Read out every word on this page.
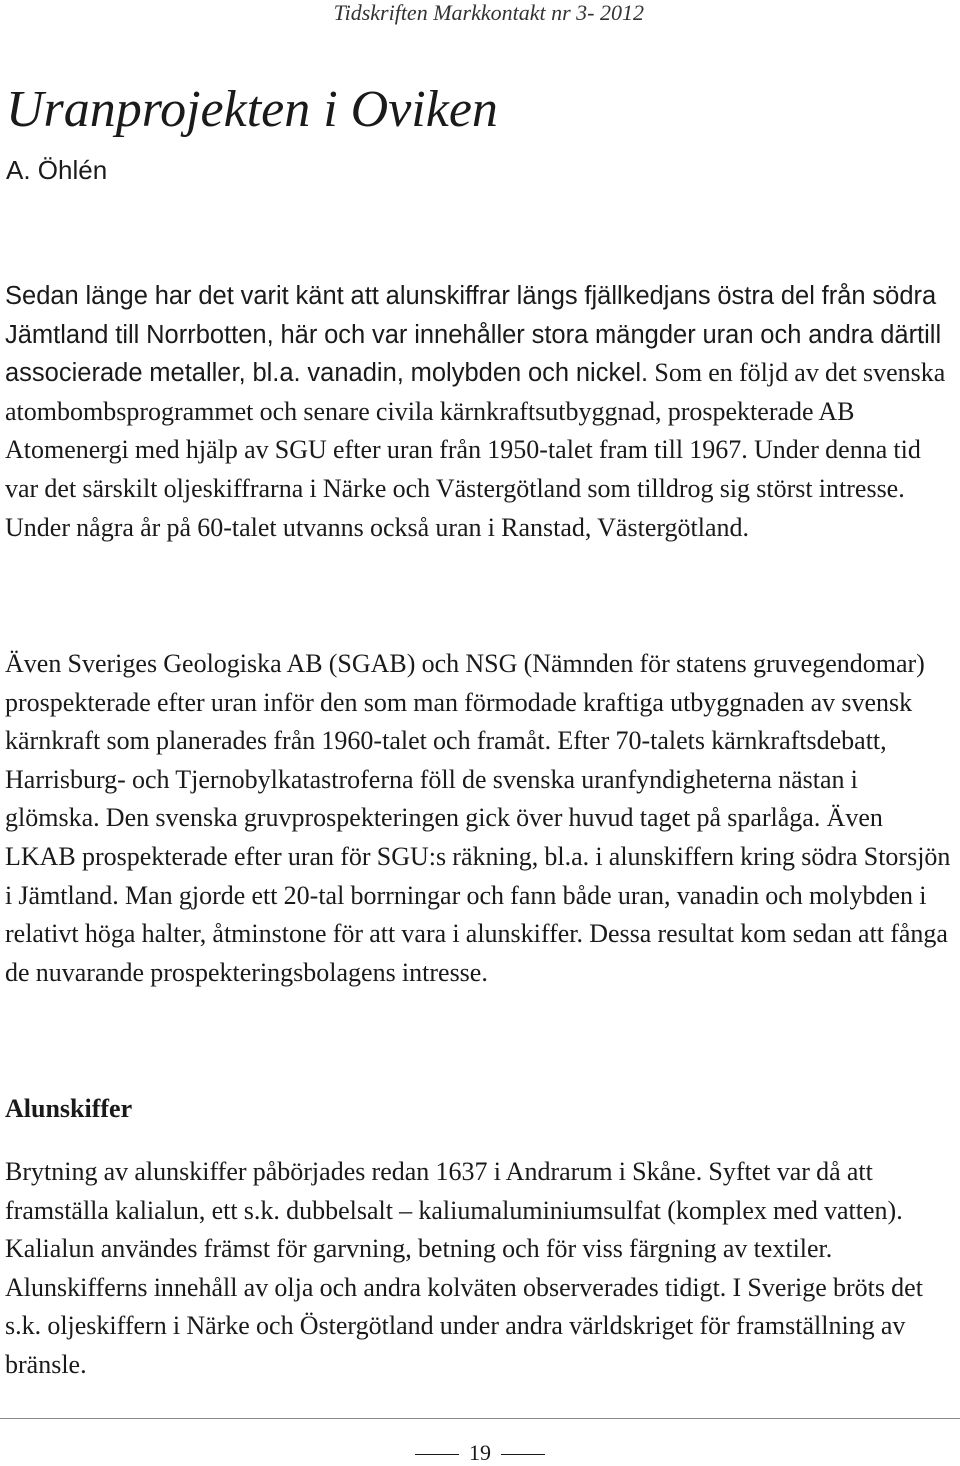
Tidskriften Markkontakt nr 3- 2012
Uranprojekten i Oviken
A. Öhlén

Sedan länge har det varit känt att alunskiffrar längs fjällkedjans östra del från södra Jämtland till Norrbotten, här och var innehåller stora mängder uran och andra därtill associerade metaller, bl.a. vanadin, molybden och nickel. Som en följd av det svenska atombombsprogrammet och senare civila kärnkraftsutbyggnad, prospekterade AB Atomenergi med hjälp av SGU efter uran från 1950-talet fram till 1967. Under denna tid var det särskilt oljeskiffrarna i Närke och Västergötland som tilldrog sig störst intresse. Under några år på 60-talet utvanns också uran i Ranstad, Västergötland.

Även Sveriges Geologiska AB (SGAB) och NSG (Nämnden för statens gruvegendomar) prospekterade efter uran inför den som man förmodade kraftiga utbyggnaden av svensk kärnkraft som planerades från 1960-talet och framåt. Efter 70-talets kärnkraftsdebatt, Harrisburg- och Tjernobylkatastroferna föll de svenska uranfyndigheterna nästan i glömska. Den svenska gruvprospekteringen gick över huvud taget på sparlåga. Även LKAB prospekterade efter uran för SGU:s räkning, bl.a. i alunskiffern kring södra Storsjön i Jämtland. Man gjorde ett 20-tal borrningar och fann både uran, vanadin och molybden i relativt höga halter, åtminstone för att vara i alunskiffer. Dessa resultat kom sedan att fånga de nuvarande prospekteringsbolagens intresse.

Alunskiffer

Brytning av alunskiffer påbörjades redan 1637 i Andrarum i Skåne. Syftet var då att framställa kalialun, ett s.k. dubbelsalt – kaliumaluminiumsulfat (komplex med vatten). Kalialun användes främst för garvning, betning och för viss färgning av textiler. Alunskifferns innehåll av olja och andra kolväten observerades tidigt. I Sverige bröts det s.k. oljeskiffern i Närke och Östergötland under andra världskriget för framställning av bränsle.

19
